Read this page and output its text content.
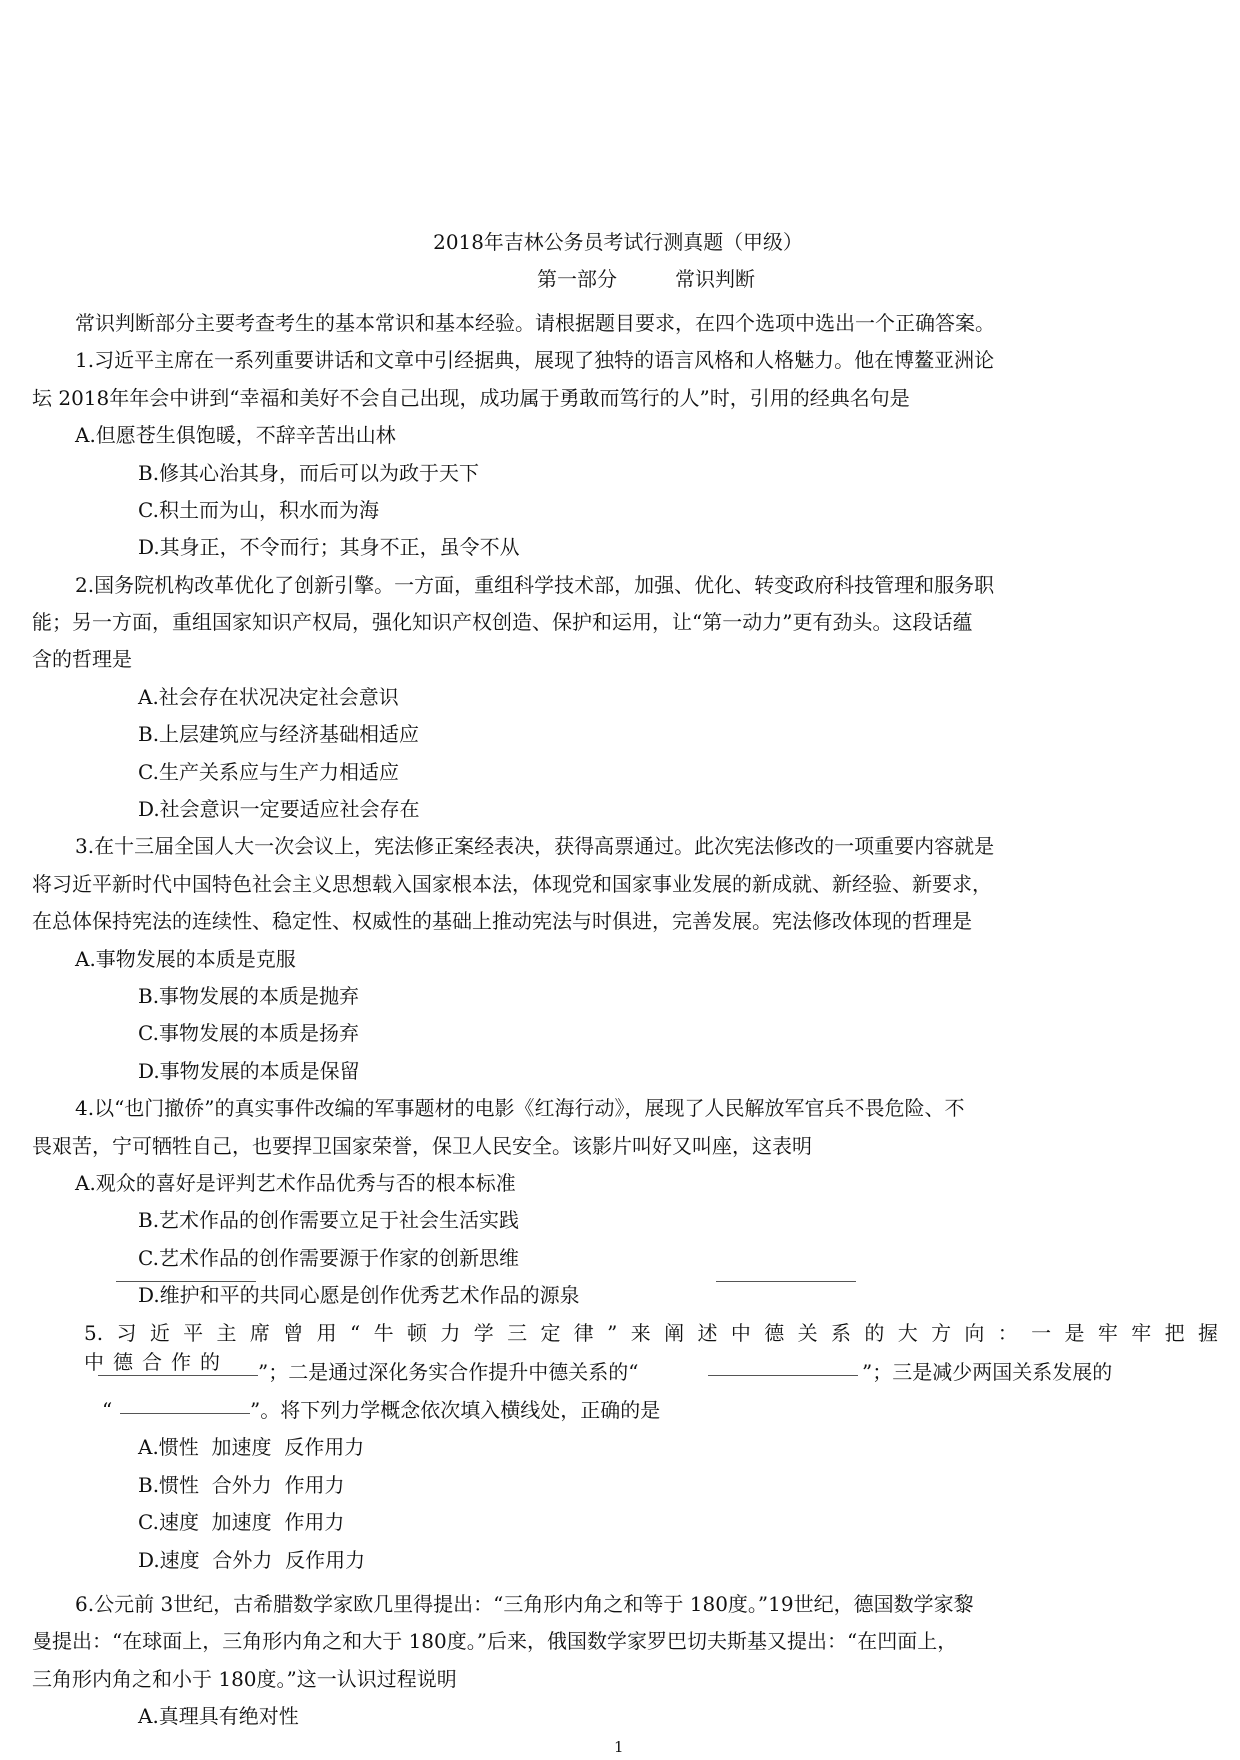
2018年吉林公务员考试行测真题（甲级）
第一部分	常识判断
常识判断部分主要考查考生的基本常识和基本经验。请根据题目要求，在四个选项中选出一个正确答案。
1.习近平主席在一系列重要讲话和文章中引经据典，展现了独特的语言风格和人格魅力。他在博鳌亚洲论
坛 2018年年会中讲到“幸福和美好不会自己出现，成功属于勇敢而笃行的人”时，引用的经典名句是
A.但愿苍生俱饱暖，不辞辛苦出山林
B.修其心治其身，而后可以为政于天下
C.积土而为山，积水而为海
D.其身正，不令而行；其身不正，虽令不从
2.国务院机构改革优化了创新引擎。一方面，重组科学技术部，加强、优化、转变政府科技管理和服务职
能；另一方面，重组国家知识产权局，强化知识产权创造、保护和运用，让“第一动力”更有劲头。这段话蕴
含的哲理是
A.社会存在状况决定社会意识
B.上层建筑应与经济基础相适应
C.生产关系应与生产力相适应
D.社会意识一定要适应社会存在
3.在十三届全国人大一次会议上，宪法修正案经表决，获得高票通过。此次宪法修改的一项重要内容就是
将习近平新时代中国特色社会主义思想载入国家根本法，体现党和国家事业发展的新成就、新经验、新要求，
在总体保持宪法的连续性、稳定性、权威性的基础上推动宪法与时俱进，完善发展。宪法修改体现的哲理是
A.事物发展的本质是克服
B.事物发展的本质是抛弃
C.事物发展的本质是扬弃
D.事物发展的本质是保留
4.以“也门撤侨”的真实事件改编的军事题材的电影《红海行动》，展现了人民解放军官兵不畏危险、不
畏艰苦，宁可牺牲自己，也要捍卫国家荣誉，保卫人民安全。该影片叫好又叫座，这表明
A.观众的喜好是评判艺术作品优秀与否的根本标准
B.艺术作品的创作需要立足于社会生活实践
C.艺术作品的创作需要源于作家的创新思维
D.维护和平的共同心愿是创作优秀艺术作品的源泉
5.习近平主席曾用“牛顿力学三定律”来阐述中德关系的大方向：一是牢牢把握
中德合作的 ”；二是通过深化务实合作提升中德关系的“	”；三是减少两国关系发展的
“	”。将下列力学概念依次填入横线处，正确的是
A.惯性  加速度  反作用力
B.惯性  合外力  作用力
C.速度  加速度  作用力
D.速度  合外力  反作用力
6.公元前 3世纪，古希腊数学家欧几里得提出：“三角形内角之和等于 180度。”19世纪，德国数学家黎
曼提出：“在球面上，三角形内角之和大于 180度。”后来，俄国数学家罗巴切夫斯基又提出：“在凹面上，
三角形内角之和小于 180度。”这一认识过程说明
A.真理具有绝对性
1
